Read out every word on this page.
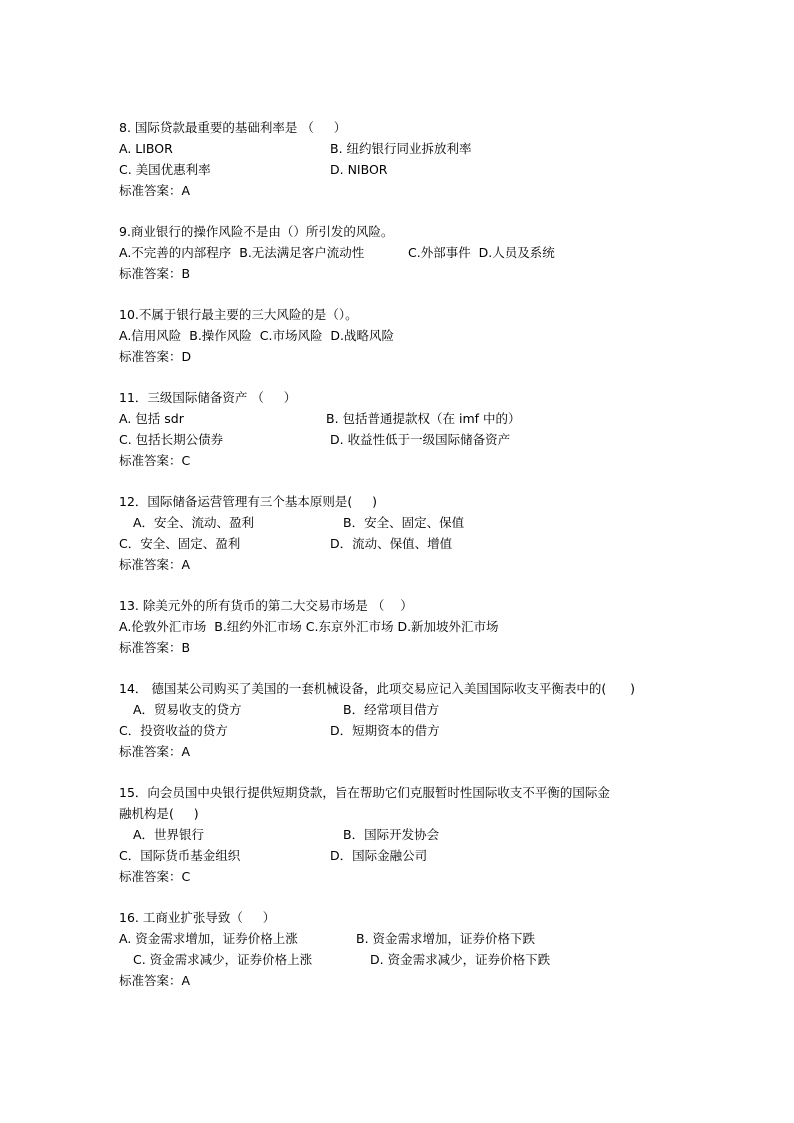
8. 国际贷款最重要的基础利率是 （     ）
A. LIBOR	B. 纽约银行同业拆放利率
C. 美国优惠利率	D. NIBOR
标准答案：A
9.商业银行的操作风险不是由（）所引发的风险。
A.不完善的内部程序  B.无法满足客户流动性           C.外部事件  D.人员及系统
标准答案：B
10.不属于银行最主要的三大风险的是（）。
A.信用风险  B.操作风险  C.市场风险  D.战略风险
标准答案：D
11．三级国际储备资产 （     ）
A. 包括 sdr	B. 包括普通提款权（在 imf 中的）
C. 包括长期公债券	D. 收益性低于一级国际储备资产
标准答案：C
12．国际储备运营管理有三个基本原则是(     )
A．安全、流动、盈利	B．安全、固定、保值
C．安全、固定、盈利	D．流动、保值、增值
标准答案：A
13. 除美元外的所有货币的第二大交易市场是 （    ）
A.伦敦外汇市场  B.纽约外汇市场 C.东京外汇市场 D.新加坡外汇市场
标准答案：B
14． 德国某公司购买了美国的一套机械设备，此项交易应记入美国国际收支平衡表中的(      )
A．贸易收支的贷方	B．经常项目借方
C．投资收益的贷方	D．短期资本的借方
标准答案：A
15．向会员国中央银行提供短期贷款，旨在帮助它们克服暂时性国际收支不平衡的国际金
融机构是(     )
A．世界银行	B．国际开发协会
C．国际货币基金组织	D．国际金融公司
标准答案：C
16. 工商业扩张导致（     ）
A. 资金需求增加，证券价格上涨	B. 资金需求增加，证券价格下跌
C. 资金需求减少，证券价格上涨	D. 资金需求减少，证券价格下跌
标准答案：A
